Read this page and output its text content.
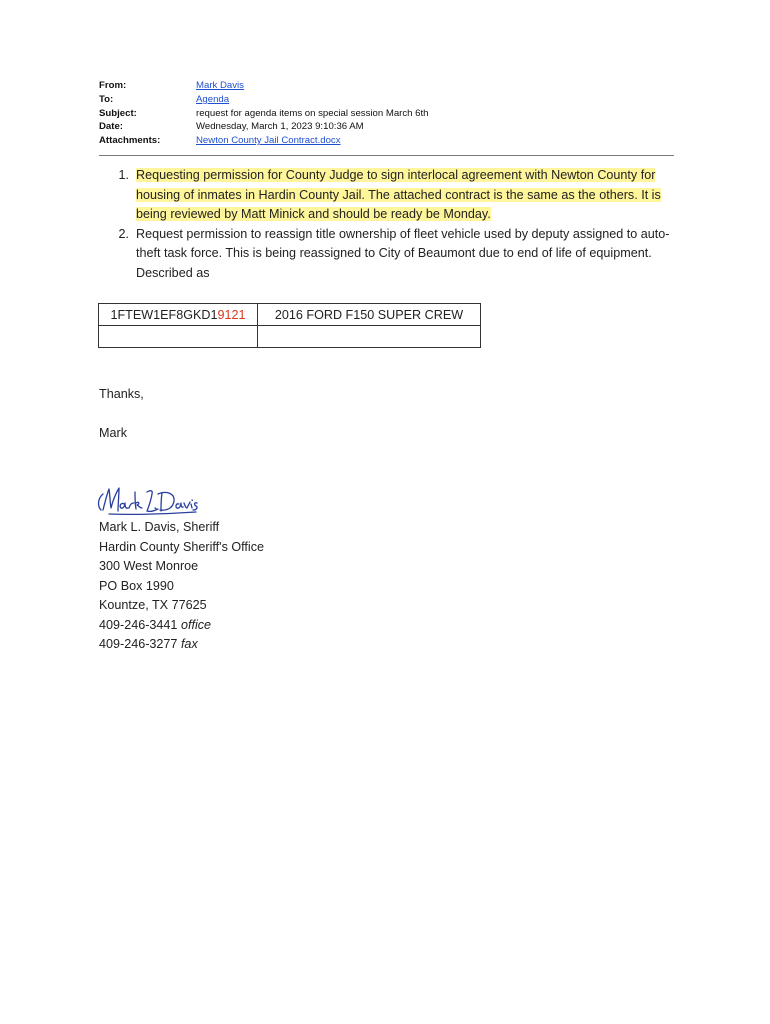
From:	Mark Davis
To:	Agenda
Subject:	request for agenda items on special session March 6th
Date:	Wednesday, March 1, 2023 9:10:36 AM
Attachments:	Newton County Jail Contract.docx
1. Requesting permission for County Judge to sign interlocal agreement with Newton County for housing of inmates in Hardin County Jail. The attached contract is the same as the others. It is being reviewed by Matt Minick and should be ready be Monday.
2. Request permission to reassign title ownership of fleet vehicle used by deputy assigned to auto-theft task force. This is being reassigned to City of Beaumont due to end of life of equipment. Described as
1FTEW1EF8GKD19121	2016 FORD F150 SUPER CREW

Thanks,
Mark
Mark L. Davis, Sheriff
Hardin County Sheriff's Office
300 West Monroe
PO Box 1990
Kountze, TX 77625
409-246-3441 office
409-246-3277 fax
